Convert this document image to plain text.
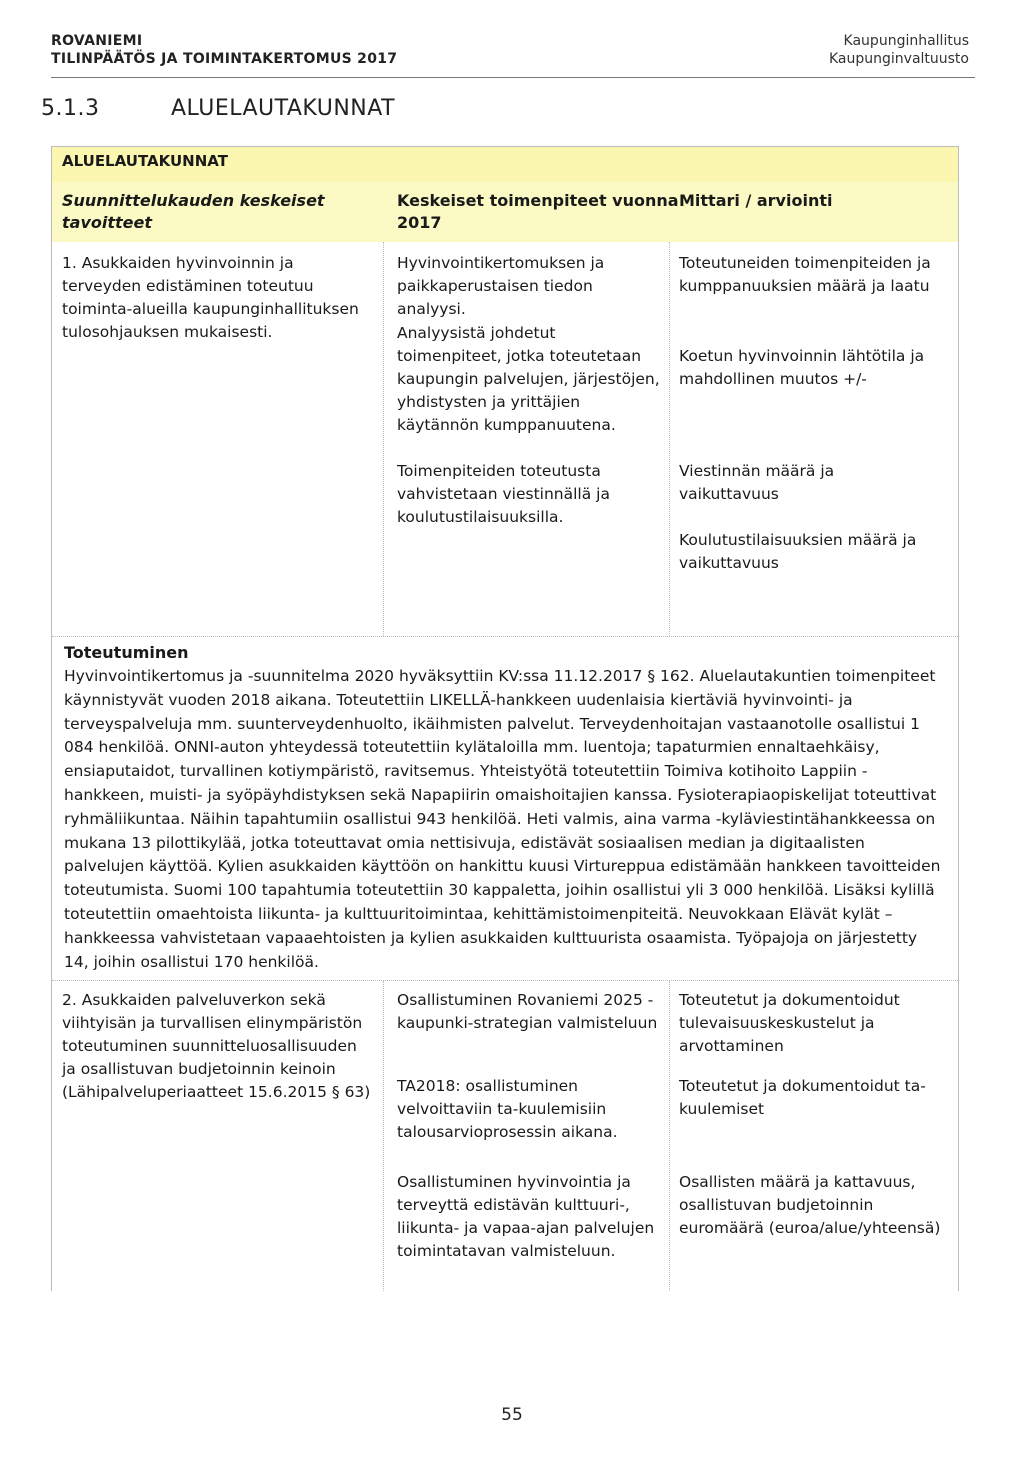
ROVANIEMI
TILINPÄÄTÖS JA TOIMINTAKERTOMUS 2017
Kaupunginhallitus
Kaupunginvaltuusto
5.1.3	ALUELAUTAKUNNAT
ALUELAUTAKUNNAT
Suunnittelukauden keskeiset tavoitteet
Keskeiset toimenpiteet vuonna 2017
Mittari / arviointi
1. Asukkaiden hyvinvoinnin ja terveyden edistäminen toteutuu toiminta-alueilla kaupunginhallituksen tulosohjauksen mukaisesti.
Hyvinvointikertomuksen ja paikkaperustaisen tiedon analyysi.
Analyysistä johdetut toimenpiteet, jotka toteutetaan kaupungin palvelujen, järjestöjen, yhdistysten ja yrittäjien käytännön kumppanuutena.
Toimenpiteiden toteutusta vahvistetaan viestinnällä ja koulutustilaisuuksilla.
Toteutuneiden toimenpiteiden ja kumppanuuksien määrä ja laatu
Koetun hyvinvoinnin lähtötila ja mahdollinen muutos +/-
Viestinnän määrä ja vaikuttavuus
Koulutustilaisuuksien määrä ja vaikuttavuus
Toteutuminen

Hyvinvointikertomus ja -suunnitelma 2020 hyväksyttiin KV:ssa 11.12.2017 § 162. Aluelautakuntien toimenpiteet käynnistyvät vuoden 2018 aikana. Toteutettiin LIKELLÄ-hankkeen uudenlaisia kiertäviä hyvinvointi- ja terveyspalveluja mm. suunterveydenhuolto, ikäihmisten palvelut. Terveydenhoitajan vastaanotolle osallistui 1 084 henkilöä. ONNI-auton yhteydessä toteutettiin kylätaloilla mm. luentoja; tapaturmien ennaltaehkäisy, ensiaputaidot, turvallinen kotiympäristö, ravitsemus. Yhteistyötä toteutettiin Toimiva kotihoito Lappiin -hankkeen, muisti- ja syöpäyhdistyksen sekä Napapiirin omaishoitajien kanssa. Fysioterapiaopiskelijat toteuttivat ryhmäliikuntaa. Näihin tapahtumiin osallistui 943 henkilöä. Heti valmis, aina varma -kyläviestintähankkeessa on mukana 13 pilottikylää, jotka toteuttavat omia nettisivuja, edistävät sosiaalisen median ja digitaalisten palvelujen käyttöä. Kylien asukkaiden käyttöön on hankittu kuusi Virtureppua edistämään hankkeen tavoitteiden toteutumista. Suomi 100 tapahtumia toteutettiin 30 kappaletta, joihin osallistui yli 3 000 henkilöä. Lisäksi kylillä toteutettiin omaehtoista liikunta- ja kulttuuritoimintaa, kehittämistoimenpiteitä. Neuvokkaan Elävät kylät – hankkeessa vahvistetaan vapaaehtoisten ja kylien asukkaiden kulttuurista osaamista. Työpajoja on järjestetty 14, joihin osallistui 170 henkilöä.

2. Asukkaiden palveluverkon sekä viihtyisän ja turvallisen elinympäristön toteutuminen suunnitteluosallisuuden ja osallistuvan budjetoinnin keinoin (Lähipalveluperiaatteet 15.6.2015 § 63)
Osallistuminen Rovaniemi 2025 -kaupunki-strategian valmisteluun
TA2018: osallistuminen velvoittaviin ta-kuulemisiin talousarvioprosessin aikana.
Osallistuminen hyvinvointia ja terveyttä edistävän kulttuuri-, liikunta- ja vapaa-ajan palvelujen toimintatavan valmisteluun.
Toteutetut ja dokumentoidut tulevaisuuskeskustelut ja arvottaminen
Toteutetut ja dokumentoidut ta-kuulemiset
Osallisten määrä ja kattavuus, osallistuvan budjetoinnin euromäärä (euroa/alue/yhteensä)
55
